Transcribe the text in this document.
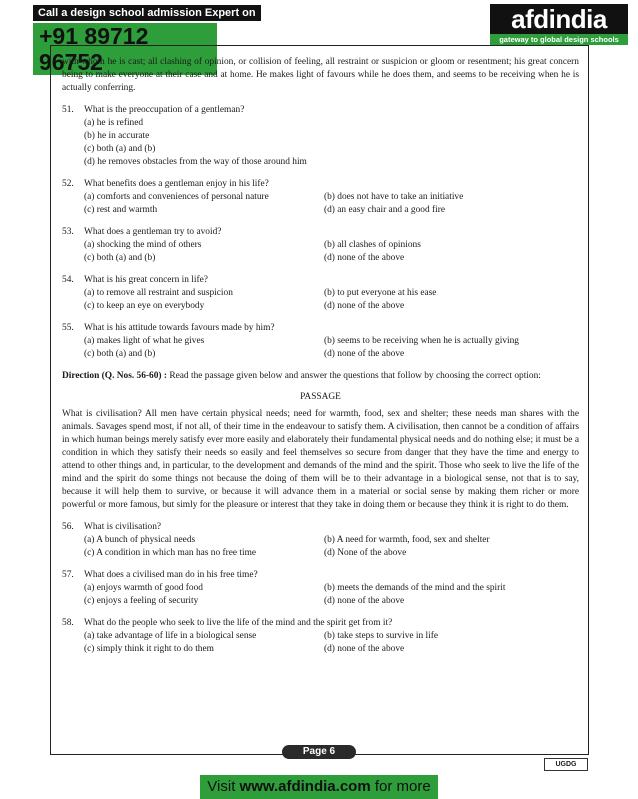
Call a design school admission Expert on
+91 89712 96752
afdindia
gateway to global design schools

with whom he is cast; all clashing of opinion, or collision of feeling, all restraint or suspicion or gloom or resentment; his great concern being to make everyone at their case and at home. He makes light of favours while he does them, and seems to be receiving when he is actually conferring.

51.	What is the preoccupation of a gentleman?
(a) he is refined
(b) he in accurate
(c) both (a) and (b)
(d) he removes obstacles from the way of those around him
52.	What benefits does a gentleman enjoy in his life?
(a) comforts and conveniences of personal nature	(b) does not have to take an initiative
(c) rest and warmth	(d) an easy chair and a good fire
53.	What does a gentleman try to avoid?
(a) shocking the mind of others	(b) all clashes of opinions
(c) both (a) and (b)	(d) none of the above
54.	What is his great concern in life?
(a) to remove all restraint and suspicion	(b) to put everyone at his ease
(c) to keep an eye on everybody	(d) none of the above
55.	What is his attitude towards favours made by him?
(a) makes light of what he gives	(b) seems to be receiving when he is actually giving
(c) both (a) and (b)	(d) none of the above
Direction (Q. Nos. 56-60) : Read the passage given below and answer the questions that follow by choosing the correct option:
PASSAGE

What is civilisation? All men have certain physical needs; need for warmth, food, sex and shelter; these needs man shares with the animals. Savages spend most, if not all, of their time in the endeavour to satisfy them. A civilisation, then cannot be a condition of affairs in which human beings merely satisfy ever more easily and elaborately their fundamental physical needs and do nothing else; it must be a condition in which they satisfy their needs so easily and feel themselves so secure from danger that they have the time and energy to attend to other things and, in particular, to the development and demands of the mind and the spirit. Those who seek to live the life of the mind and the spirit do some things not because the doing of them will be to their advantage in a biological sense, not that is to say, because it will help them to survive, or because it will advance them in a material or social sense by making them richer or more powerful or more famous, but simly for the pleasure or interest that they take in doing them or because they think it is right to do them.

56.	What is civilisation?
(a) A bunch of physical needs	(b) A need for warmth, food, sex and shelter
(c) A condition in which man has no free time	(d) None of the above
57.	What does a civilised man do in his free time?
(a) enjoys warmth of good food	(b) meets the demands of the mind and the spirit
(c) enjoys a feeling of security	(d) none of the above
58.	What do the people who seek to live the life of the mind and the spirit get from it?
(a) take advantage of life in a biological sense	(b) take steps to survive in life
(c) simply think it right to do them	(d) none of the above
Page 6
UGDG
Visit www.afdindia.com for more
